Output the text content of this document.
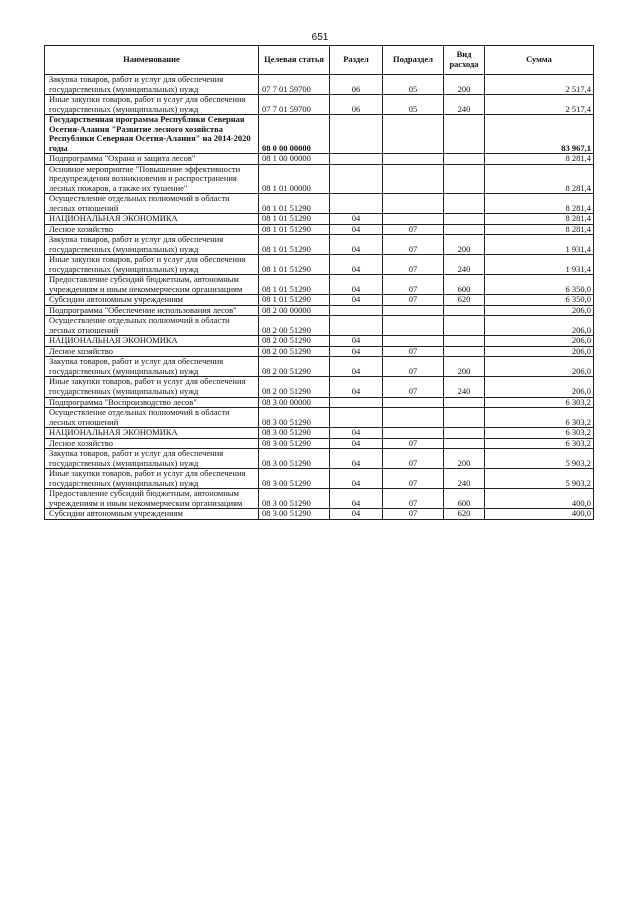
651
Наименование	Целевая статья	Раздел	Подраздел	Вид расхода	Сумма
Закупка товаров, работ и услуг для обеспечения государственных (муниципальных) нужд	07 7 01 59700	06	05	200	2 517,4
Иные закупки товаров, работ и услуг для обеспечения государственных (муниципальных) нужд	07 7 01 59700	06	05	240	2 517,4
Государственная программа Республики Северная Осетия-Алания "Развитие лесного хозяйства Республики Северная Осетия-Алания" на 2014-2020 годы	08 0 00 00000				83 967,1
Подпрограмма "Охрана и защита лесов"	08 1 00 00000				8 281,4
Основное мероприятие "Повышение эффективности предупреждения возникновения и распространения лесных пожаров, а также их тушение"	08 1 01 00000				8 281,4
Осуществление отдельных полномочий в области лесных отношений	08 1 01 51290				8 281,4
НАЦИОНАЛЬНАЯ ЭКОНОМИКА	08 1 01 51290	04			8 281,4
Лесное хозяйство	08 1 01 51290	04	07		8 281,4
Закупка товаров, работ и услуг для обеспечения государственных (муниципальных) нужд	08 1 01 51290	04	07	200	1 931,4
Иные закупки товаров, работ и услуг для обеспечения государственных (муниципальных) нужд	08 1 01 51290	04	07	240	1 931,4
Предоставление субсидий бюджетным, автономным учреждениям и иным некоммерческим организациям	08 1 01 51290	04	07	600	6 350,0
Субсидии автономным учреждениям	08 1 01 51290	04	07	620	6 350,0
Подпрограмма "Обеспечение использования лесов"	08 2 00 00000				206,0
Осуществление отдельных полномочий в области лесных отношений	08 2 00 51290				206,0
НАЦИОНАЛЬНАЯ ЭКОНОМИКА	08 2 00 51290	04			206,0
Лесное хозяйство	08 2 00 51290	04	07		206,0
Закупка товаров, работ и услуг для обеспечения государственных (муниципальных) нужд	08 2 00 51290	04	07	200	206,0
Иные закупки товаров, работ и услуг для обеспечения государственных (муниципальных) нужд	08 2 00 51290	04	07	240	206,0
Подпрограмма "Воспроизводство лесов"	08 3 00 00000				6 303,2
Осуществление отдельных полномочий в области лесных отношений	08 3 00 51290				6 303,2
НАЦИОНАЛЬНАЯ ЭКОНОМИКА	08 3 00 51290	04			6 303,2
Лесное хозяйство	08 3 00 51290	04	07		6 303,2
Закупка товаров, работ и услуг для обеспечения государственных (муниципальных) нужд	08 3 00 51290	04	07	200	5 903,2
Иные закупки товаров, работ и услуг для обеспечения государственных (муниципальных) нужд	08 3 00 51290	04	07	240	5 903,2
Предоставление субсидий бюджетным, автономным учреждениям и иным некоммерческим организациям	08 3 00 51290	04	07	600	400,0
Субсидии автономным учреждениям	08 3 00 51290	04	07	620	400,0
